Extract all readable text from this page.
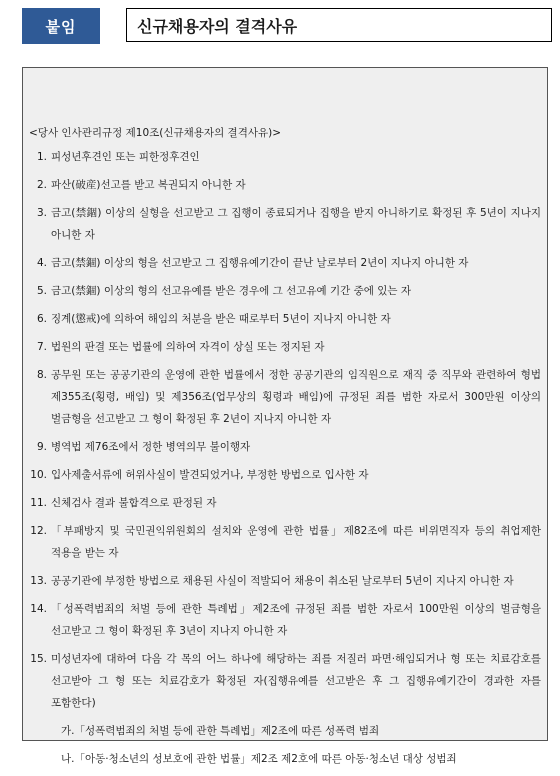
붙임	신규채용자의 결격사유
<당사 인사관리규정 제10조(신규채용자의 결격사유)>
1. 피성년후견인 또는 피한정후견인
2. 파산(破産)선고를 받고 복권되지 아니한 자
3. 금고(禁錮) 이상의 실형을 선고받고 그 집행이 종료되거나 집행을 받지 아니하기로 확정된 후 5년이 지나지 아니한 자
4. 금고(禁錮) 이상의 형을 선고받고 그 집행유예기간이 끝난 날로부터 2년이 지나지 아니한 자
5. 금고(禁錮) 이상의 형의 선고유예를 받은 경우에 그 선고유예 기간 중에 있는 자
6. 징계(懲戒)에 의하여 해임의 처분을 받은 때로부터 5년이 지나지 아니한 자
7. 법원의 판결 또는 법률에 의하여 자격이 상실 또는 정지된 자
8. 공무원 또는 공공기관의 운영에 관한 법률에서 정한 공공기관의 임직원으로 재직 중 직무와 관련하여 형법 제355조(횡령, 배임) 및 제356조(업무상의 횡령과 배임)에 규정된 죄를 범한 자로서 300만원 이상의 벌금형을 선고받고 그 형이 확정된 후 2년이 지나지 아니한 자
9. 병역법 제76조에서 정한 병역의무 불이행자
10. 입사제출서류에 허위사실이 발견되었거나, 부정한 방법으로 입사한 자
11. 신체검사 결과 불합격으로 판정된 자
12. 「부패방지 및 국민권익위원회의 설치와 운영에 관한 법률」제82조에 따른 비위면직자 등의 취업제한 적용을 받는 자
13. 공공기관에 부정한 방법으로 채용된 사실이 적발되어 채용이 취소된 날로부터 5년이 지나지 아니한 자
14. 「성폭력범죄의 처벌 등에 관한 특례법」제2조에 규정된 죄를 범한 자로서 100만원 이상의 벌금형을 선고받고 그 형이 확정된 후 3년이 지나지 아니한 자
15. 미성년자에 대하여 다음 각 목의 어느 하나에 해당하는 죄를 저질러 파면·해임되거나 형 또는 치료감호를 선고받아 그 형 또는 치료감호가 확정된 자(집행유예를 선고받은 후 그 집행유예기간이 경과한 자를 포함한다)
가.「성폭력범죄의 처벌 등에 관한 특례법」제2조에 따른 성폭력 범죄
나.「아동·청소년의 성보호에 관한 법률」제2조 제2호에 따른 아동·청소년 대상 성범죄
